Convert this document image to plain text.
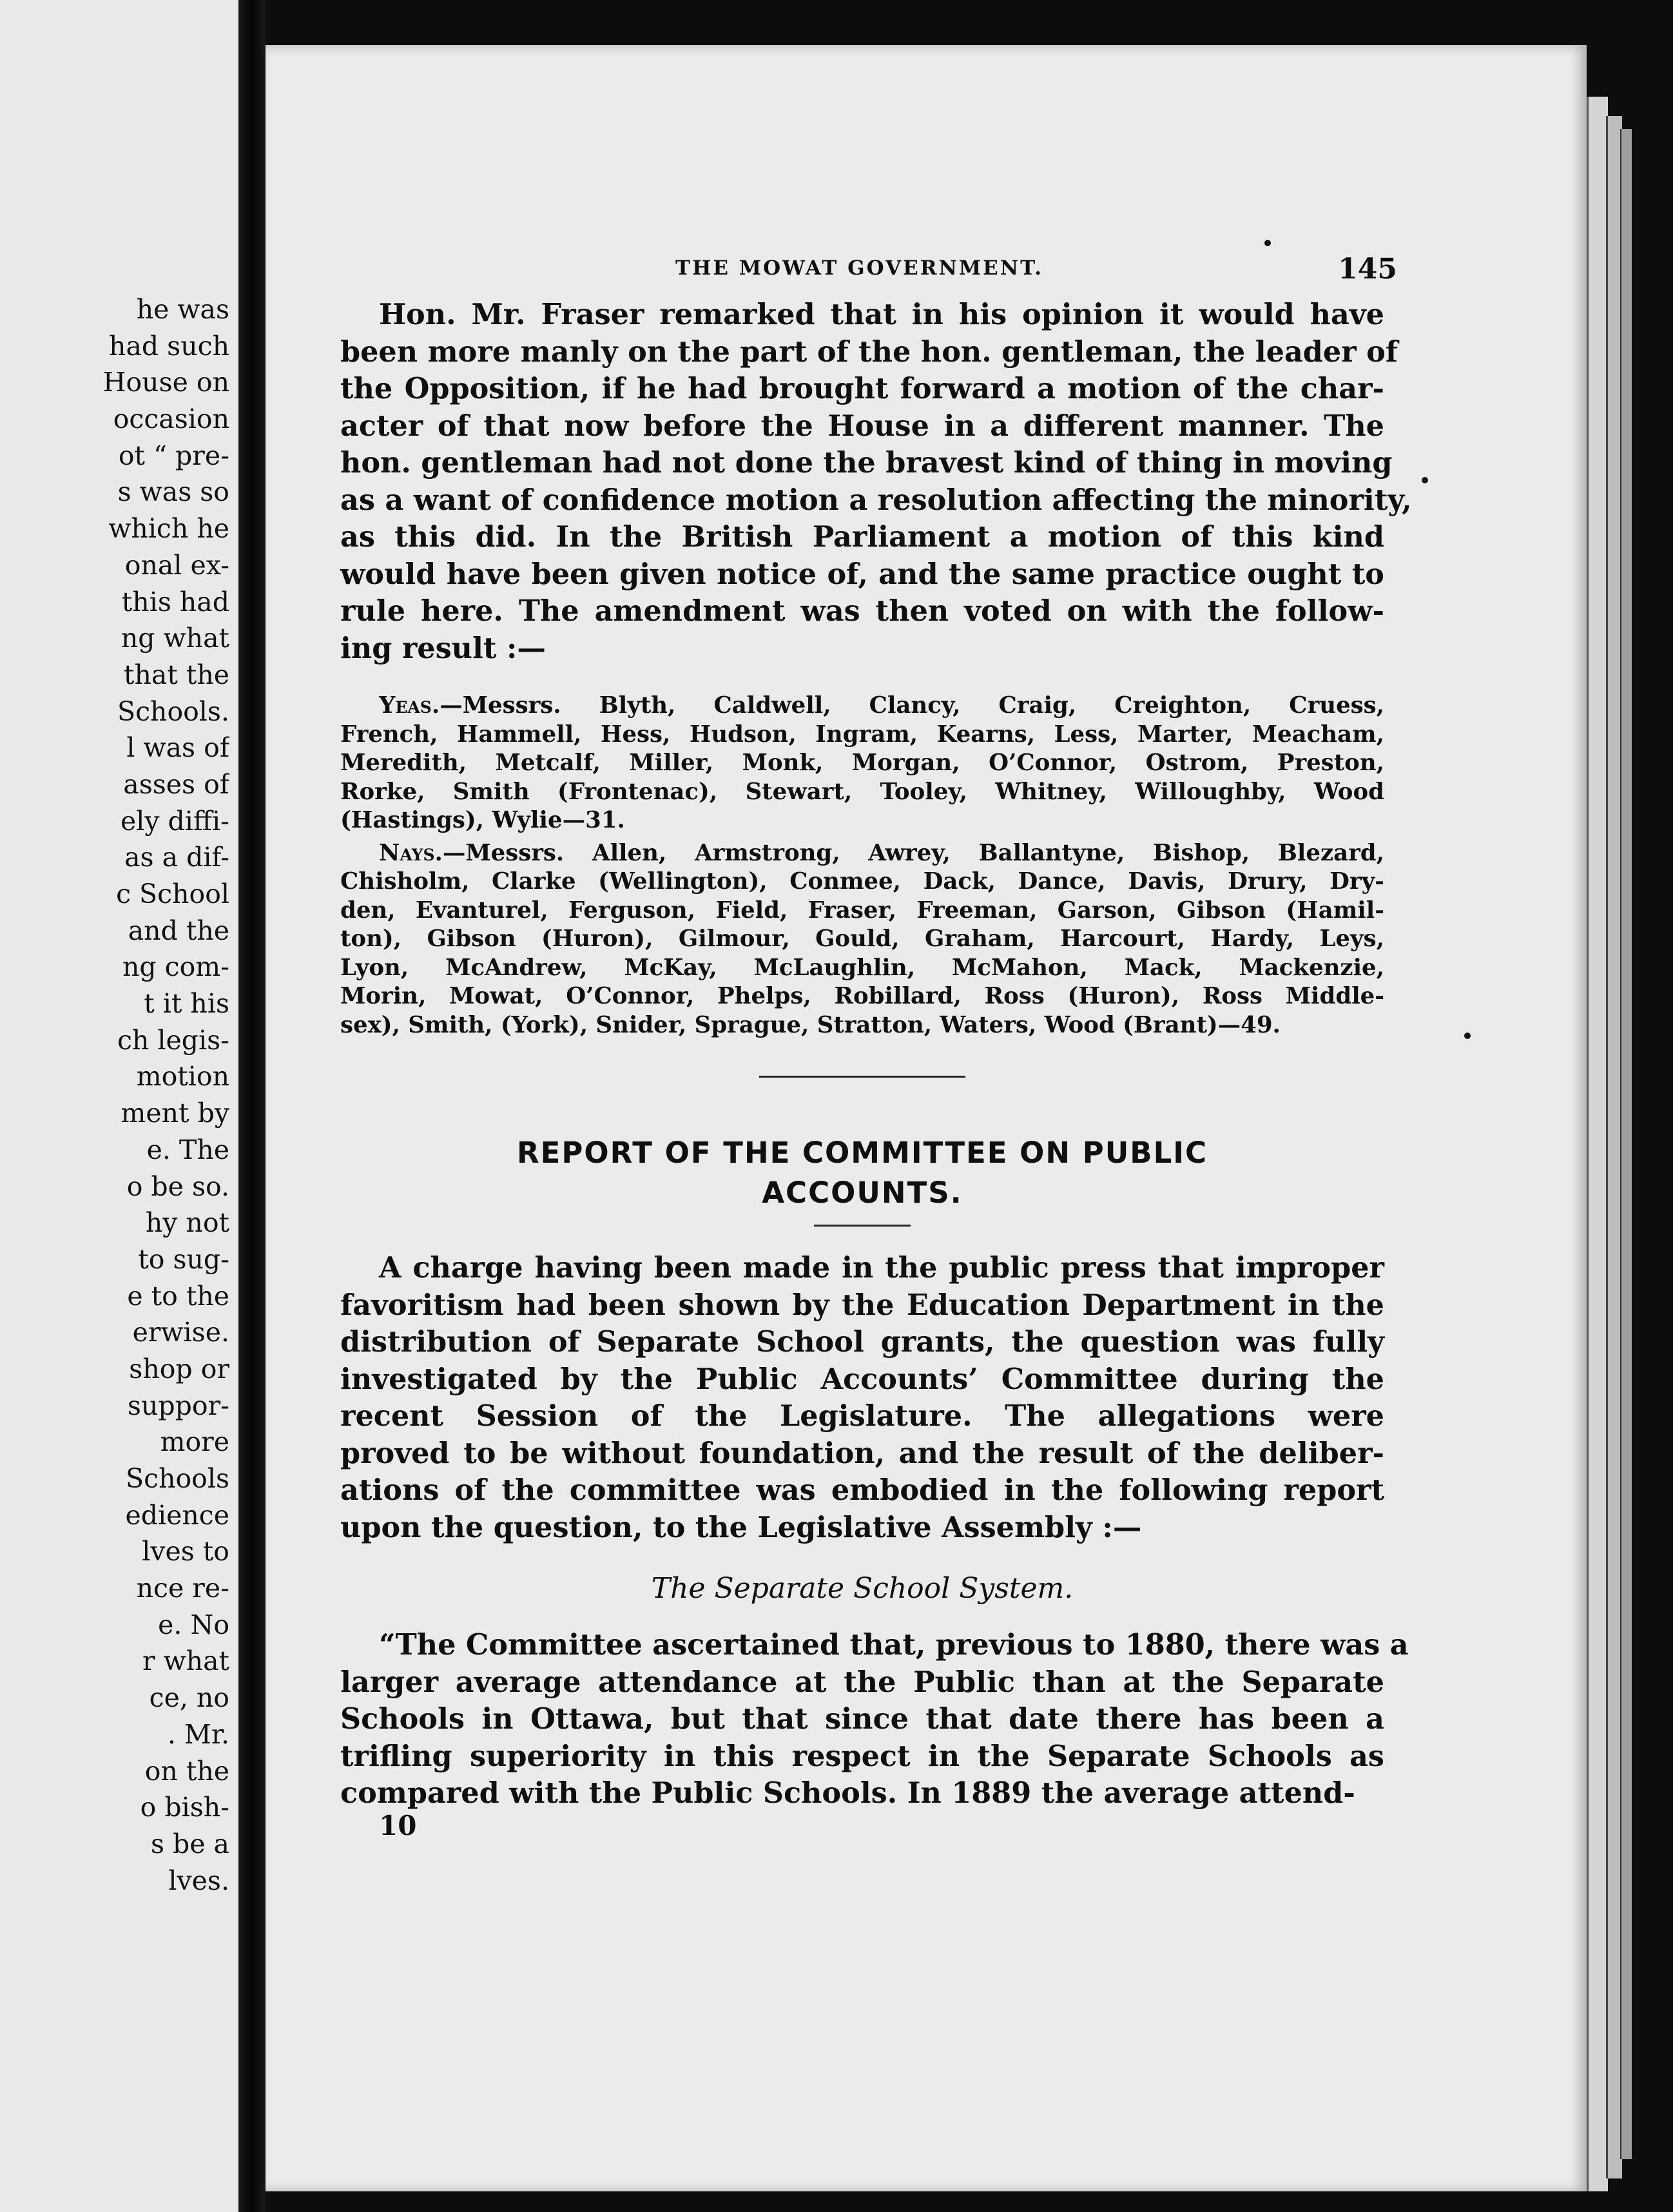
he was
had such
House on
occasion
ot “ pre-
s was so
which he
onal ex-
this had
ng what
that the
Schools.
l was of
asses of
ely diffi-
as a dif-
c School
and the
ng com-
t it his
ch legis-
motion
ment by
e. The
o be so.
hy not
to sug-
e to the
erwise.
shop or
suppor-
more
Schools
edience
lves to
nce re-
e. No
r what
ce, no
. Mr.
on the
o bish-
s be a
lves.
THE MOWAT GOVERNMENT.	145

Hon. Mr. Fraser remarked that in his opinion it would have
been more manly on the part of the hon. gentleman, the leader of
the Opposition, if he had brought forward a motion of the char-
acter of that now before the House in a different manner. The
hon. gentleman had not done the bravest kind of thing in moving
as a want of confidence motion a resolution affecting the minority,
as this did. In the British Parliament a motion of this kind
would have been given notice of, and the same practice ought to
rule here. The amendment was then voted on with the follow-
ing result :—

Yeas.—Messrs. Blyth, Caldwell, Clancy, Craig, Creighton, Cruess,
French, Hammell, Hess, Hudson, Ingram, Kearns, Less, Marter, Meacham,
Meredith, Metcalf, Miller, Monk, Morgan, O’Connor, Ostrom, Preston,
Rorke, Smith (Frontenac), Stewart, Tooley, Whitney, Willoughby, Wood
(Hastings), Wylie—31.
Nays.—Messrs. Allen, Armstrong, Awrey, Ballantyne, Bishop, Blezard,
Chisholm, Clarke (Wellington), Conmee, Dack, Dance, Davis, Drury, Dry-
den, Evanturel, Ferguson, Field, Fraser, Freeman, Garson, Gibson (Hamil-
ton), Gibson (Huron), Gilmour, Gould, Graham, Harcourt, Hardy, Leys,
Lyon, McAndrew, McKay, McLaughlin, McMahon, Mack, Mackenzie,
Morin, Mowat, O’Connor, Phelps, Robillard, Ross (Huron), Ross Middle-
sex), Smith, (York), Snider, Sprague, Stratton, Waters, Wood (Brant)—49.
REPORT OF THE COMMITTEE ON PUBLIC
ACCOUNTS.

A charge having been made in the public press that improper
favoritism had been shown by the Education Department in the
distribution of Separate School grants, the question was fully
investigated by the Public Accounts’ Committee during the
recent Session of the Legislature. The allegations were
proved to be without foundation, and the result of the deliber-
ations of the committee was embodied in the following report
upon the question, to the Legislative Assembly :—

The Separate School System.

“The Committee ascertained that, previous to 1880, there was a
larger average attendance at the Public than at the Separate
Schools in Ottawa, but that since that date there has been a
trifling superiority in this respect in the Separate Schools as
compared with the Public Schools. In 1889 the average attend-

10
